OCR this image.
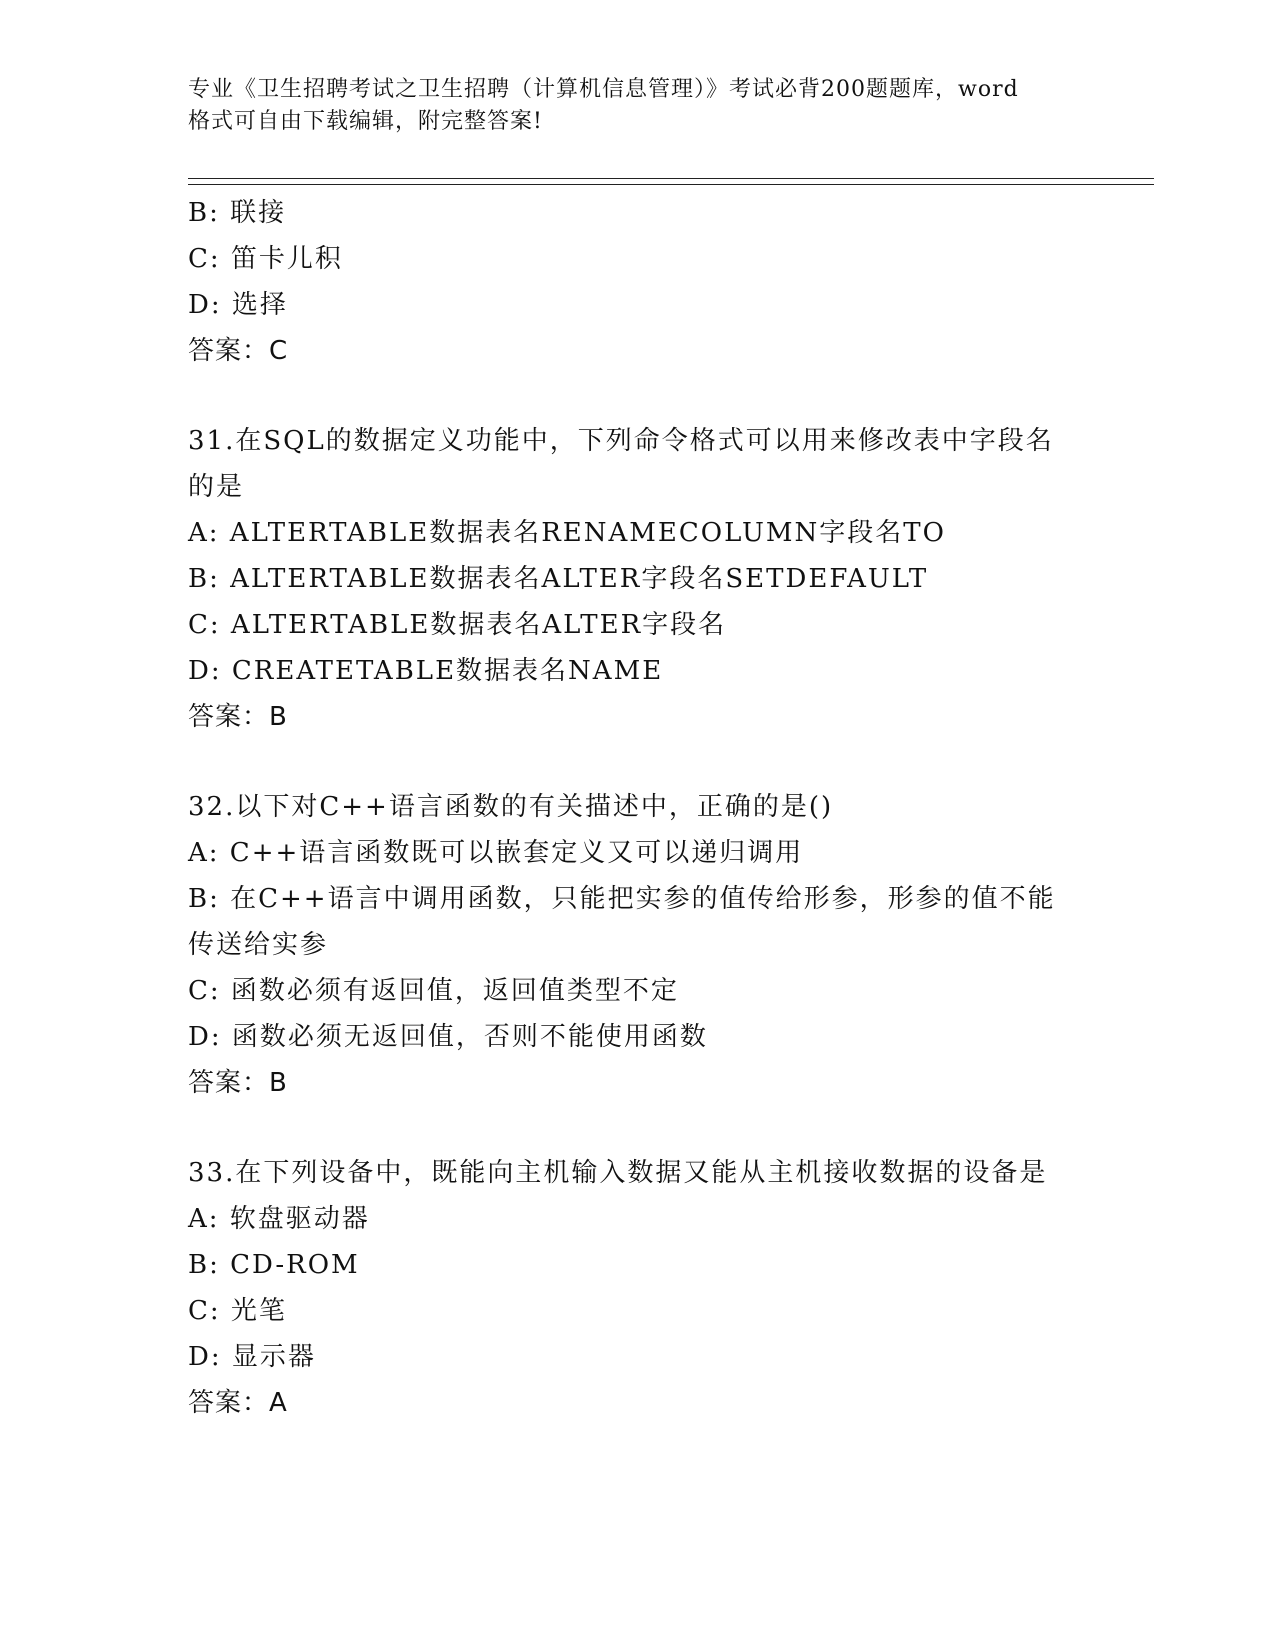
专业《卫生招聘考试之卫生招聘（计算机信息管理）》考试必背200题题库，word
格式可自由下载编辑，附完整答案!
B: 联接
C: 笛卡儿积
D: 选择
答案：C
31.在SQL的数据定义功能中，下列命令格式可以用来修改表中字段名
的是
A: ALTERTABLE数据表名RENAMECOLUMN字段名TO
B: ALTERTABLE数据表名ALTER字段名SETDEFAULT
C: ALTERTABLE数据表名ALTER字段名
D: CREATETABLE数据表名NAME
答案：B
32.以下对C++语言函数的有关描述中，正确的是()
A: C++语言函数既可以嵌套定义又可以递归调用
B: 在C++语言中调用函数，只能把实参的值传给形参，形参的值不能
传送给实参
C: 函数必须有返回值，返回值类型不定
D: 函数必须无返回值，否则不能使用函数
答案：B
33.在下列设备中，既能向主机输入数据又能从主机接收数据的设备是
A: 软盘驱动器
B: CD-ROM
C: 光笔
D: 显示器
答案：A
